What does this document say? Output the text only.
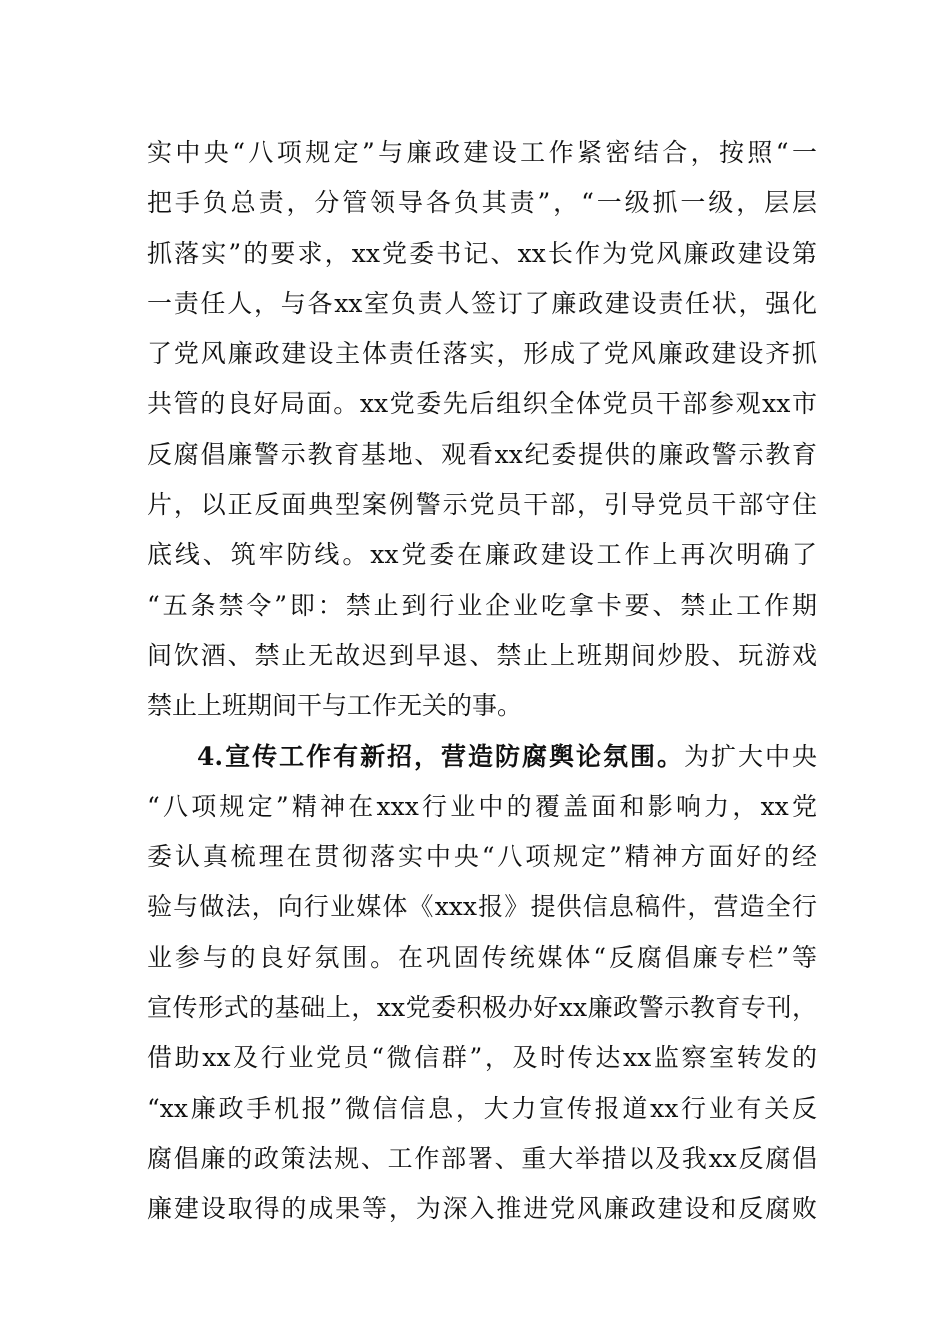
实中央“八项规定”与廉政建设工作紧密结合，按照“一
把手负总责，分管领导各负其责”，“一级抓一级，层层
抓落实”的要求，xx党委书记、xx长作为党风廉政建设第
一责任人，与各xx室负责人签订了廉政建设责任状，强化
了党风廉政建设主体责任落实，形成了党风廉政建设齐抓
共管的良好局面。xx党委先后组织全体党员干部参观xx市
反腐倡廉警示教育基地、观看xx纪委提供的廉政警示教育
片，以正反面典型案例警示党员干部，引导党员干部守住
底线、筑牢防线。xx党委在廉政建设工作上再次明确了
“五条禁令”即：禁止到行业企业吃拿卡要、禁止工作期
间饮酒、禁止无故迟到早退、禁止上班期间炒股、玩游戏
禁止上班期间干与工作无关的事。
4.宣传工作有新招，营造防腐舆论氛围。为扩大中央
“八项规定”精神在xxx行业中的覆盖面和影响力，xx党
委认真梳理在贯彻落实中央“八项规定”精神方面好的经
验与做法，向行业媒体《xxx报》提供信息稿件，营造全行
业参与的良好氛围。在巩固传统媒体“反腐倡廉专栏”等
宣传形式的基础上，xx党委积极办好xx廉政警示教育专刊，
借助xx及行业党员“微信群”，及时传达xx监察室转发的
“xx廉政手机报”微信信息，大力宣传报道xx行业有关反
腐倡廉的政策法规、工作部署、重大举措以及我xx反腐倡
廉建设取得的成果等，为深入推进党风廉政建设和反腐败
